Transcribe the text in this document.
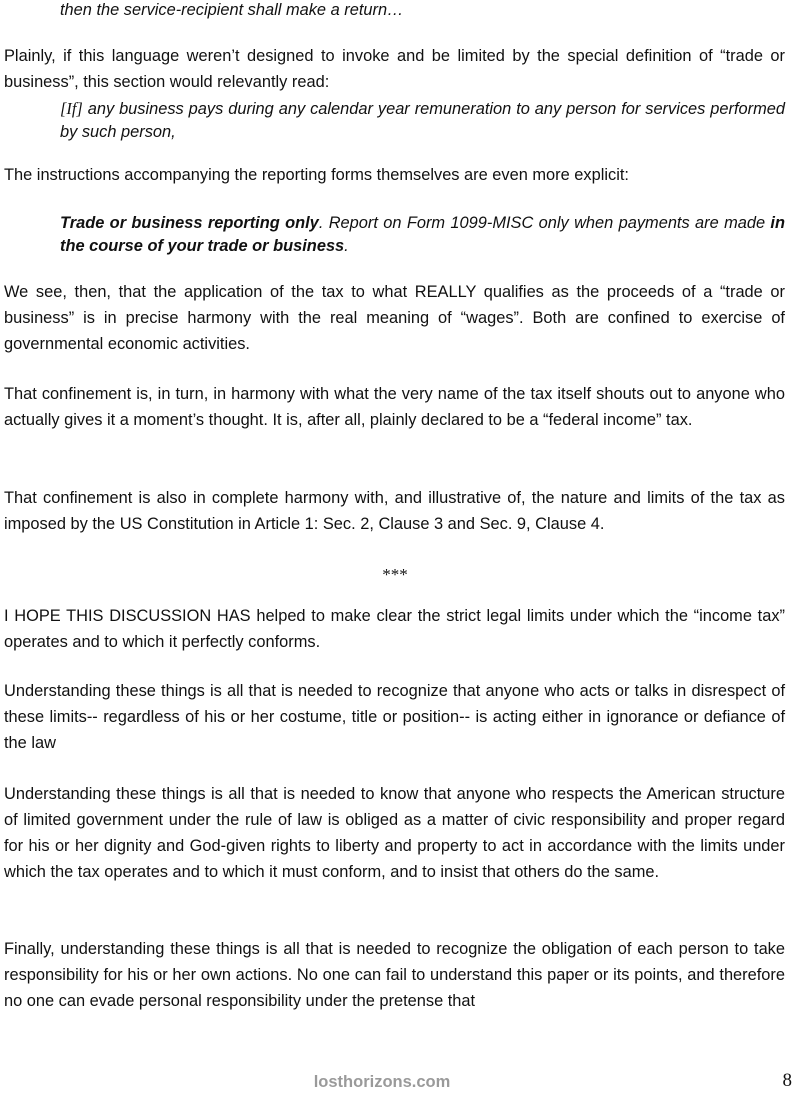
then the service-recipient shall make a return…

Plainly, if this language weren’t designed to invoke and be limited by the special definition of “trade or business”, this section would relevantly read:

[If] any business pays during any calendar year remuneration to any person for services performed by such person,

The instructions accompanying the reporting forms themselves are even more explicit:

Trade or business reporting only. Report on Form 1099-MISC only when payments are made in the course of your trade or business.

We see, then, that the application of the tax to what REALLY qualifies as the proceeds of a “trade or business” is in precise harmony with the real meaning of “wages”. Both are confined to exercise of governmental economic activities.

That confinement is, in turn, in harmony with what the very name of the tax itself shouts out to anyone who actually gives it a moment’s thought. It is, after all, plainly declared to be a “federal income” tax.

That confinement is also in complete harmony with, and illustrative of, the nature and limits of the tax as imposed by the US Constitution in Article 1: Sec. 2, Clause 3 and Sec. 9, Clause 4.

***

I HOPE THIS DISCUSSION HAS helped to make clear the strict legal limits under which the “income tax” operates and to which it perfectly conforms.

Understanding these things is all that is needed to recognize that anyone who acts or talks in disrespect of these limits-- regardless of his or her costume, title or position-- is acting either in ignorance or defiance of the law

Understanding these things is all that is needed to know that anyone who respects the American structure of limited government under the rule of law is obliged as a matter of civic responsibility and proper regard for his or her dignity and God-given rights to liberty and property to act in accordance with the limits under which the tax operates and to which it must conform, and to insist that others do the same.

Finally, understanding these things is all that is needed to recognize the obligation of each person to take responsibility for his or her own actions. No one can fail to understand this paper or its points, and therefore no one can evade personal responsibility under the pretense that

losthorizons.com	8
